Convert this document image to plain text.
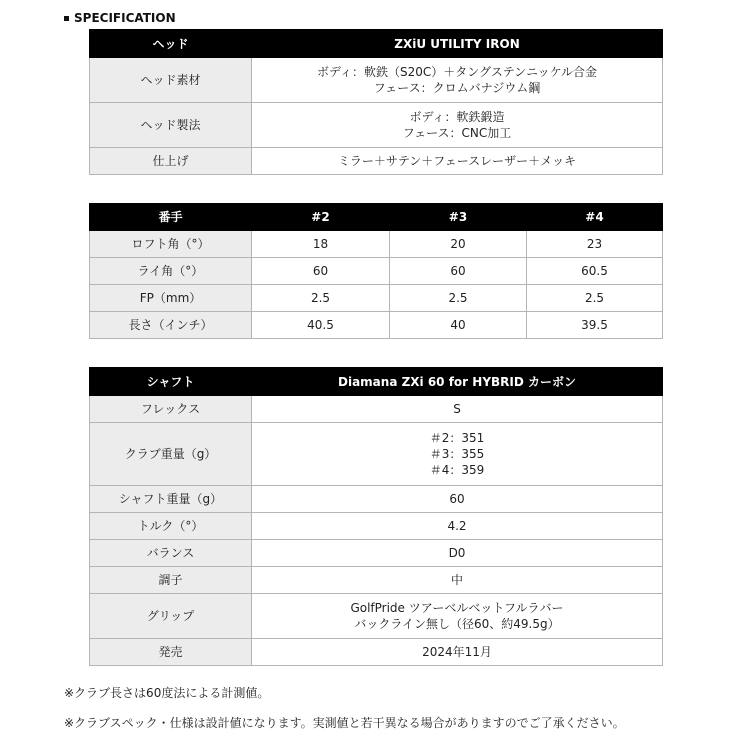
SPECIFICATION
ヘッド	ZXiU UTILITY IRON
ヘッド素材	ボディ：軟鉄（S20C）＋タングステンニッケル合金
フェース：クロムバナジウム鋼

ヘッド製法	ボディ：軟鉄鍛造
フェース：CNC加工

仕上げ	ミラー＋サテン＋フェースレーザー＋メッキ
番手	#2	#3	#4
ロフト角（°）	18	20	23
ライ角（°）	60	60	60.5
FP（mm）	2.5	2.5	2.5
長さ（インチ）	40.5	40	39.5
シャフト	Diamana ZXi 60 for HYBRID カーボン
フレックス	S
クラブ重量（g）	＃2：351
＃3：355
＃4：359

シャフト重量（g）	60
トルク（°）	4.2
バランス	D0
調子	中
グリップ	GolfPride ツアーベルベットフルラバー
バックライン無し（径60、約49.5g）

発売	2024年11月
※クラブ長さは60度法による計測値。
※クラブスペック・仕様は設計値になります。実測値と若干異なる場合がありますのでご了承ください。
